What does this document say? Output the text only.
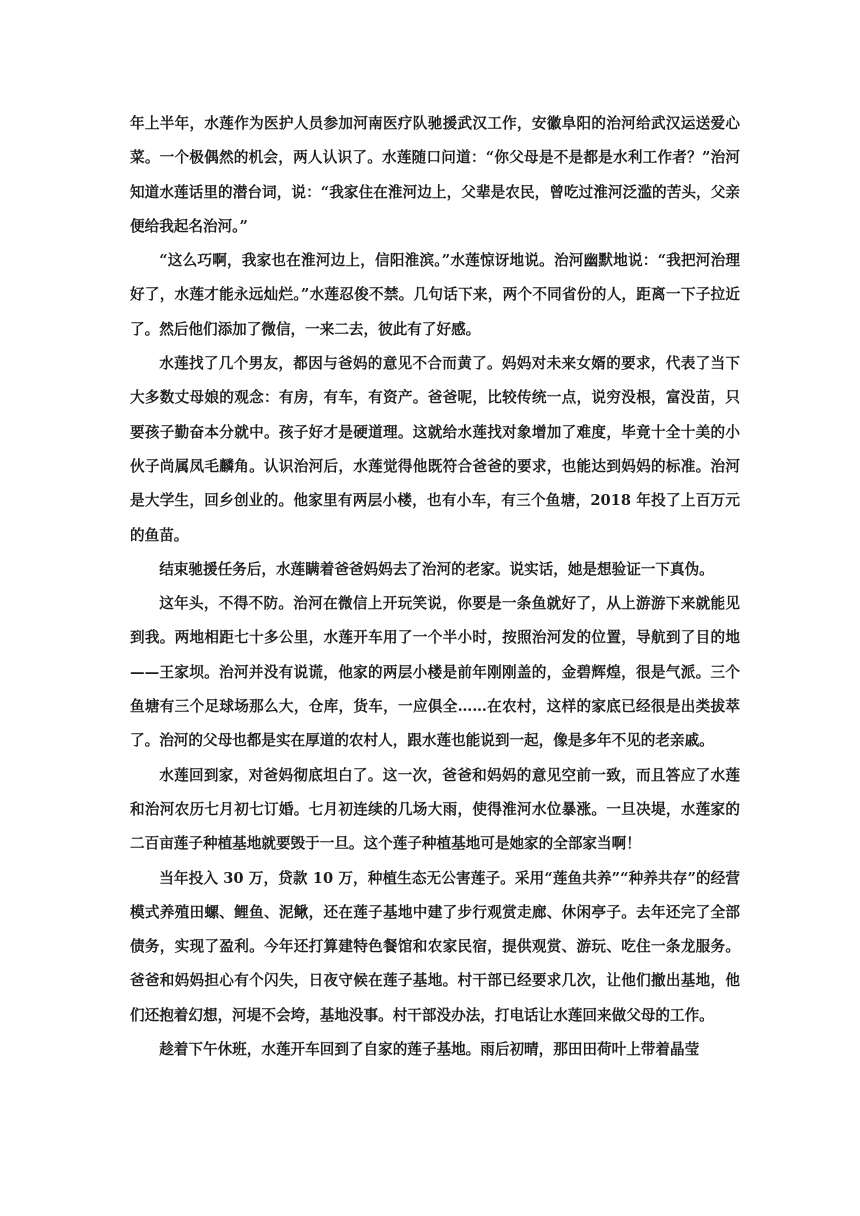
年上半年，水莲作为医护人员参加河南医疗队驰援武汉工作，安徽阜阳的治河给武汉运送爱心菜。一个极偶然的机会，两人认识了。水莲随口问道：“你父母是不是都是水利工作者？”治河知道水莲话里的潜台词，说：“我家住在淮河边上，父辈是农民，曾吃过淮河泛滥的苦头，父亲便给我起名治河。”

“这么巧啊，我家也在淮河边上，信阳淮滨。”水莲惊讶地说。治河幽默地说：“我把河治理好了，水莲才能永远灿烂。”水莲忍俊不禁。几句话下来，两个不同省份的人，距离一下子拉近了。然后他们添加了微信，一来二去，彼此有了好感。

水莲找了几个男友，都因与爸妈的意见不合而黄了。妈妈对未来女婿的要求，代表了当下大多数丈母娘的观念：有房，有车，有资产。爸爸呢，比较传统一点，说穷没根，富没苗，只要孩子勤奋本分就中。孩子好才是硬道理。这就给水莲找对象增加了难度，毕竟十全十美的小伙子尚属凤毛麟角。认识治河后，水莲觉得他既符合爸爸的要求，也能达到妈妈的标准。治河是大学生，回乡创业的。他家里有两层小楼，也有小车，有三个鱼塘，2018 年投了上百万元的鱼苗。

结束驰援任务后，水莲瞒着爸爸妈妈去了治河的老家。说实话，她是想验证一下真伪。

这年头，不得不防。治河在微信上开玩笑说，你要是一条鱼就好了，从上游游下来就能见到我。两地相距七十多公里，水莲开车用了一个半小时，按照治河发的位置，导航到了目的地——王家坝。治河并没有说谎，他家的两层小楼是前年刚刚盖的，金碧辉煌，很是气派。三个鱼塘有三个足球场那么大，仓库，货车，一应俱全……在农村，这样的家底已经很是出类拔萃了。治河的父母也都是实在厚道的农村人，跟水莲也能说到一起，像是多年不见的老亲戚。

水莲回到家，对爸妈彻底坦白了。这一次，爸爸和妈妈的意见空前一致，而且答应了水莲和治河农历七月初七订婚。七月初连续的几场大雨，使得淮河水位暴涨。一旦决堤，水莲家的二百亩莲子种植基地就要毁于一旦。这个莲子种植基地可是她家的全部家当啊！

当年投入 30 万，贷款 10 万，种植生态无公害莲子。采用“莲鱼共养”“种养共存”的经营模式养殖田螺、鲤鱼、泥鳅，还在莲子基地中建了步行观赏走廊、休闲亭子。去年还完了全部债务，实现了盈利。今年还打算建特色餐馆和农家民宿，提供观赏、游玩、吃住一条龙服务。爸爸和妈妈担心有个闪失，日夜守候在莲子基地。村干部已经要求几次，让他们撤出基地，他们还抱着幻想，河堤不会垮，基地没事。村干部没办法，打电话让水莲回来做父母的工作。

趁着下午休班，水莲开车回到了自家的莲子基地。雨后初晴，那田田荷叶上带着晶莹
